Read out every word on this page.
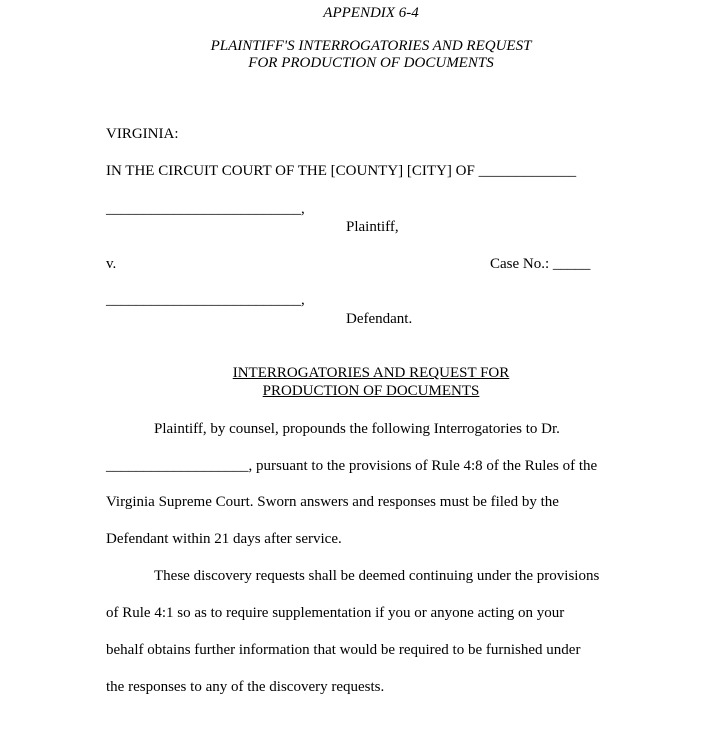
APPENDIX 6-4
PLAINTIFF'S INTERROGATORIES AND REQUEST
FOR PRODUCTION OF DOCUMENTS
VIRGINIA:
IN THE CIRCUIT COURT OF THE [COUNTY] [CITY] OF _____________
__________________________,
Plaintiff,
v.	Case No.: _____
__________________________,
Defendant.
INTERROGATORIES AND REQUEST FOR
PRODUCTION OF DOCUMENTS
Plaintiff, by counsel, propounds the following Interrogatories to Dr.
___________________, pursuant to the provisions of Rule 4:8 of the Rules of the
Virginia Supreme Court. Sworn answers and responses must be filed by the
Defendant within 21 days after service.
These discovery requests shall be deemed continuing under the provisions
of Rule 4:1 so as to require supplementation if you or anyone acting on your
behalf obtains further information that would be required to be furnished under
the responses to any of the discovery requests.
